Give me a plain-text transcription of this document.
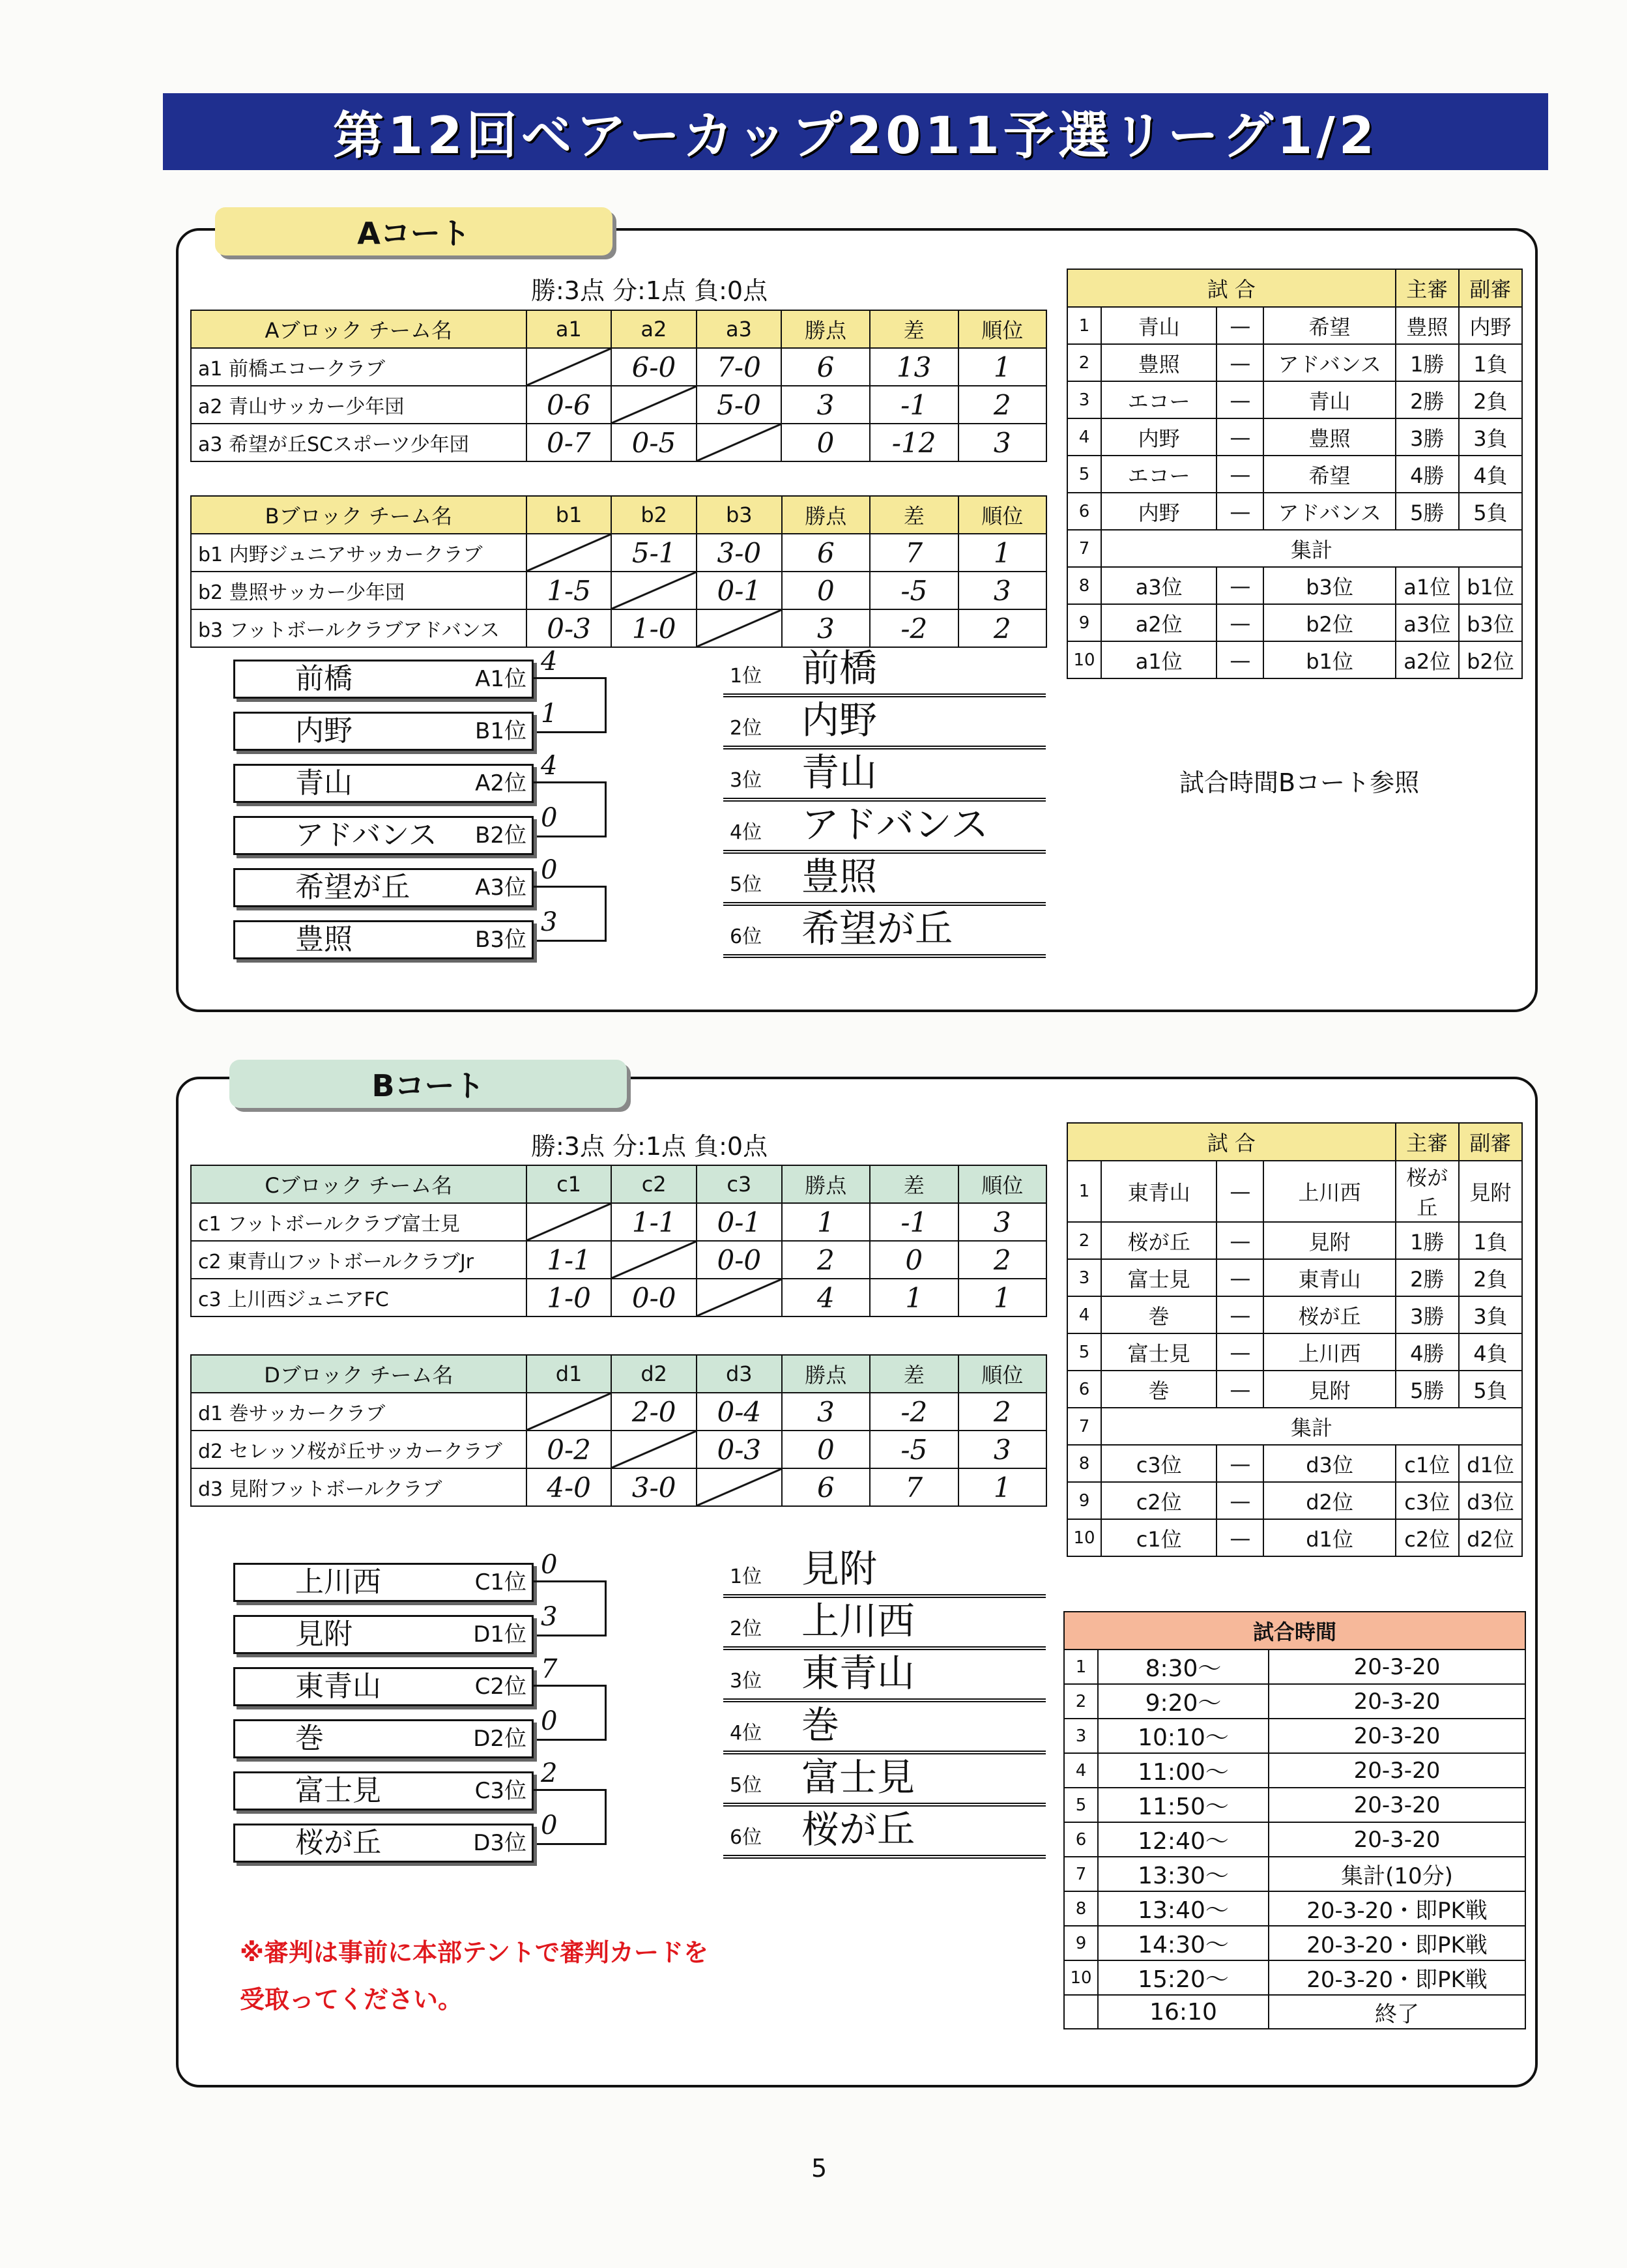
第12回ベアーカップ2011予選リーグ1/2
Aコート
勝:3点 分:1点 負:0点
Aブロック チーム名	a1	a2	a3	勝点	差	順位
a1 前橋エコークラブ		6-0	7-0	6	13	1
a2 青山サッカー少年団	0-6		5-0	3	-1	2
a3 希望が丘SCスポーツ少年団	0-7	0-5		0	-12	3
Bブロック チーム名	b1	b2	b3	勝点	差	順位
b1 内野ジュニアサッカークラブ		5-1	3-0	6	7	1
b2 豊照サッカー少年団	1-5		0-1	0	-5	3
b3 フットボールクラブアドバンス	0-3	1-0		3	-2	2
試 合				主審	副審
1	青山	—	希望	豊照	内野
2	豊照	—	アドバンス	1勝	1負
3	エコー	—	青山	2勝	2負
4	内野	—	豊照	3勝	3負
5	エコー	—	希望	4勝	4負
6	内野	—	アドバンス	5勝	5負
7	集計				
8	a3位	—	b3位	a1位	b1位
9	a2位	—	b2位	a3位	b3位
10	a1位	—	b1位	a2位	b2位
前橋	A1位
4
内野	B1位
1
青山	A2位
4
アドバンス B2位
0
希望が丘	A3位
0
豊照	B3位
3
1位 前橋
2位 内野
3位 青山
4位 アドバンス
5位 豊照
6位 希望が丘
試合時間Bコート参照
Bコート
勝:3点 分:1点 負:0点
Cブロック チーム名	c1	c2	c3	勝点	差	順位
c1 フットボールクラブ富士見		1-1	0-1	1	-1	3
c2 東青山フットボールクラブJr	1-1		0-0	2	0	2
c3 上川西ジュニアFC	1-0	0-0		4	1	1
Dブロック チーム名	d1	d2	d3	勝点	差	順位
d1 巻サッカークラブ		2-0	0-4	3	-2	2
d2 セレッソ桜が丘サッカークラブ	0-2		0-3	0	-5	3
d3 見附フットボールクラブ	4-0	3-0		6	7	1
試 合				主審	副審
1	東青山	—	上川西	桜が丘	見附
2	桜が丘	—	見附	1勝	1負
3	富士見	—	東青山	2勝	2負
4	巻	—	桜が丘	3勝	3負
5	富士見	—	上川西	4勝	4負
6	巻	—	見附	5勝	5負
7	集計				
8	c3位	—	d3位	c1位	d1位
9	c2位	—	d2位	c3位	d3位
10	c1位	—	d1位	c2位	d2位
上川西	C1位
0
見附	D1位
3
東青山	C2位
7
巻	D2位
0
富士見	C3位
2
桜が丘	D3位
0
1位 見附
2位 上川西
3位 東青山
4位 巻
5位 富士見
6位 桜が丘
試合時間		
1	8:30～	20-3-20
2	9:20～	20-3-20
3	10:10～	20-3-20
4	11:00～	20-3-20
5	11:50～	20-3-20
6	12:40～	20-3-20
7	13:30～	集計(10分)
8	13:40～	20-3-20・即PK戦
9	14:30～	20-3-20・即PK戦
10	15:20～	20-3-20・即PK戦
	16:10	終了
※審判は事前に本部テントで審判カードを
受取ってください。
5
